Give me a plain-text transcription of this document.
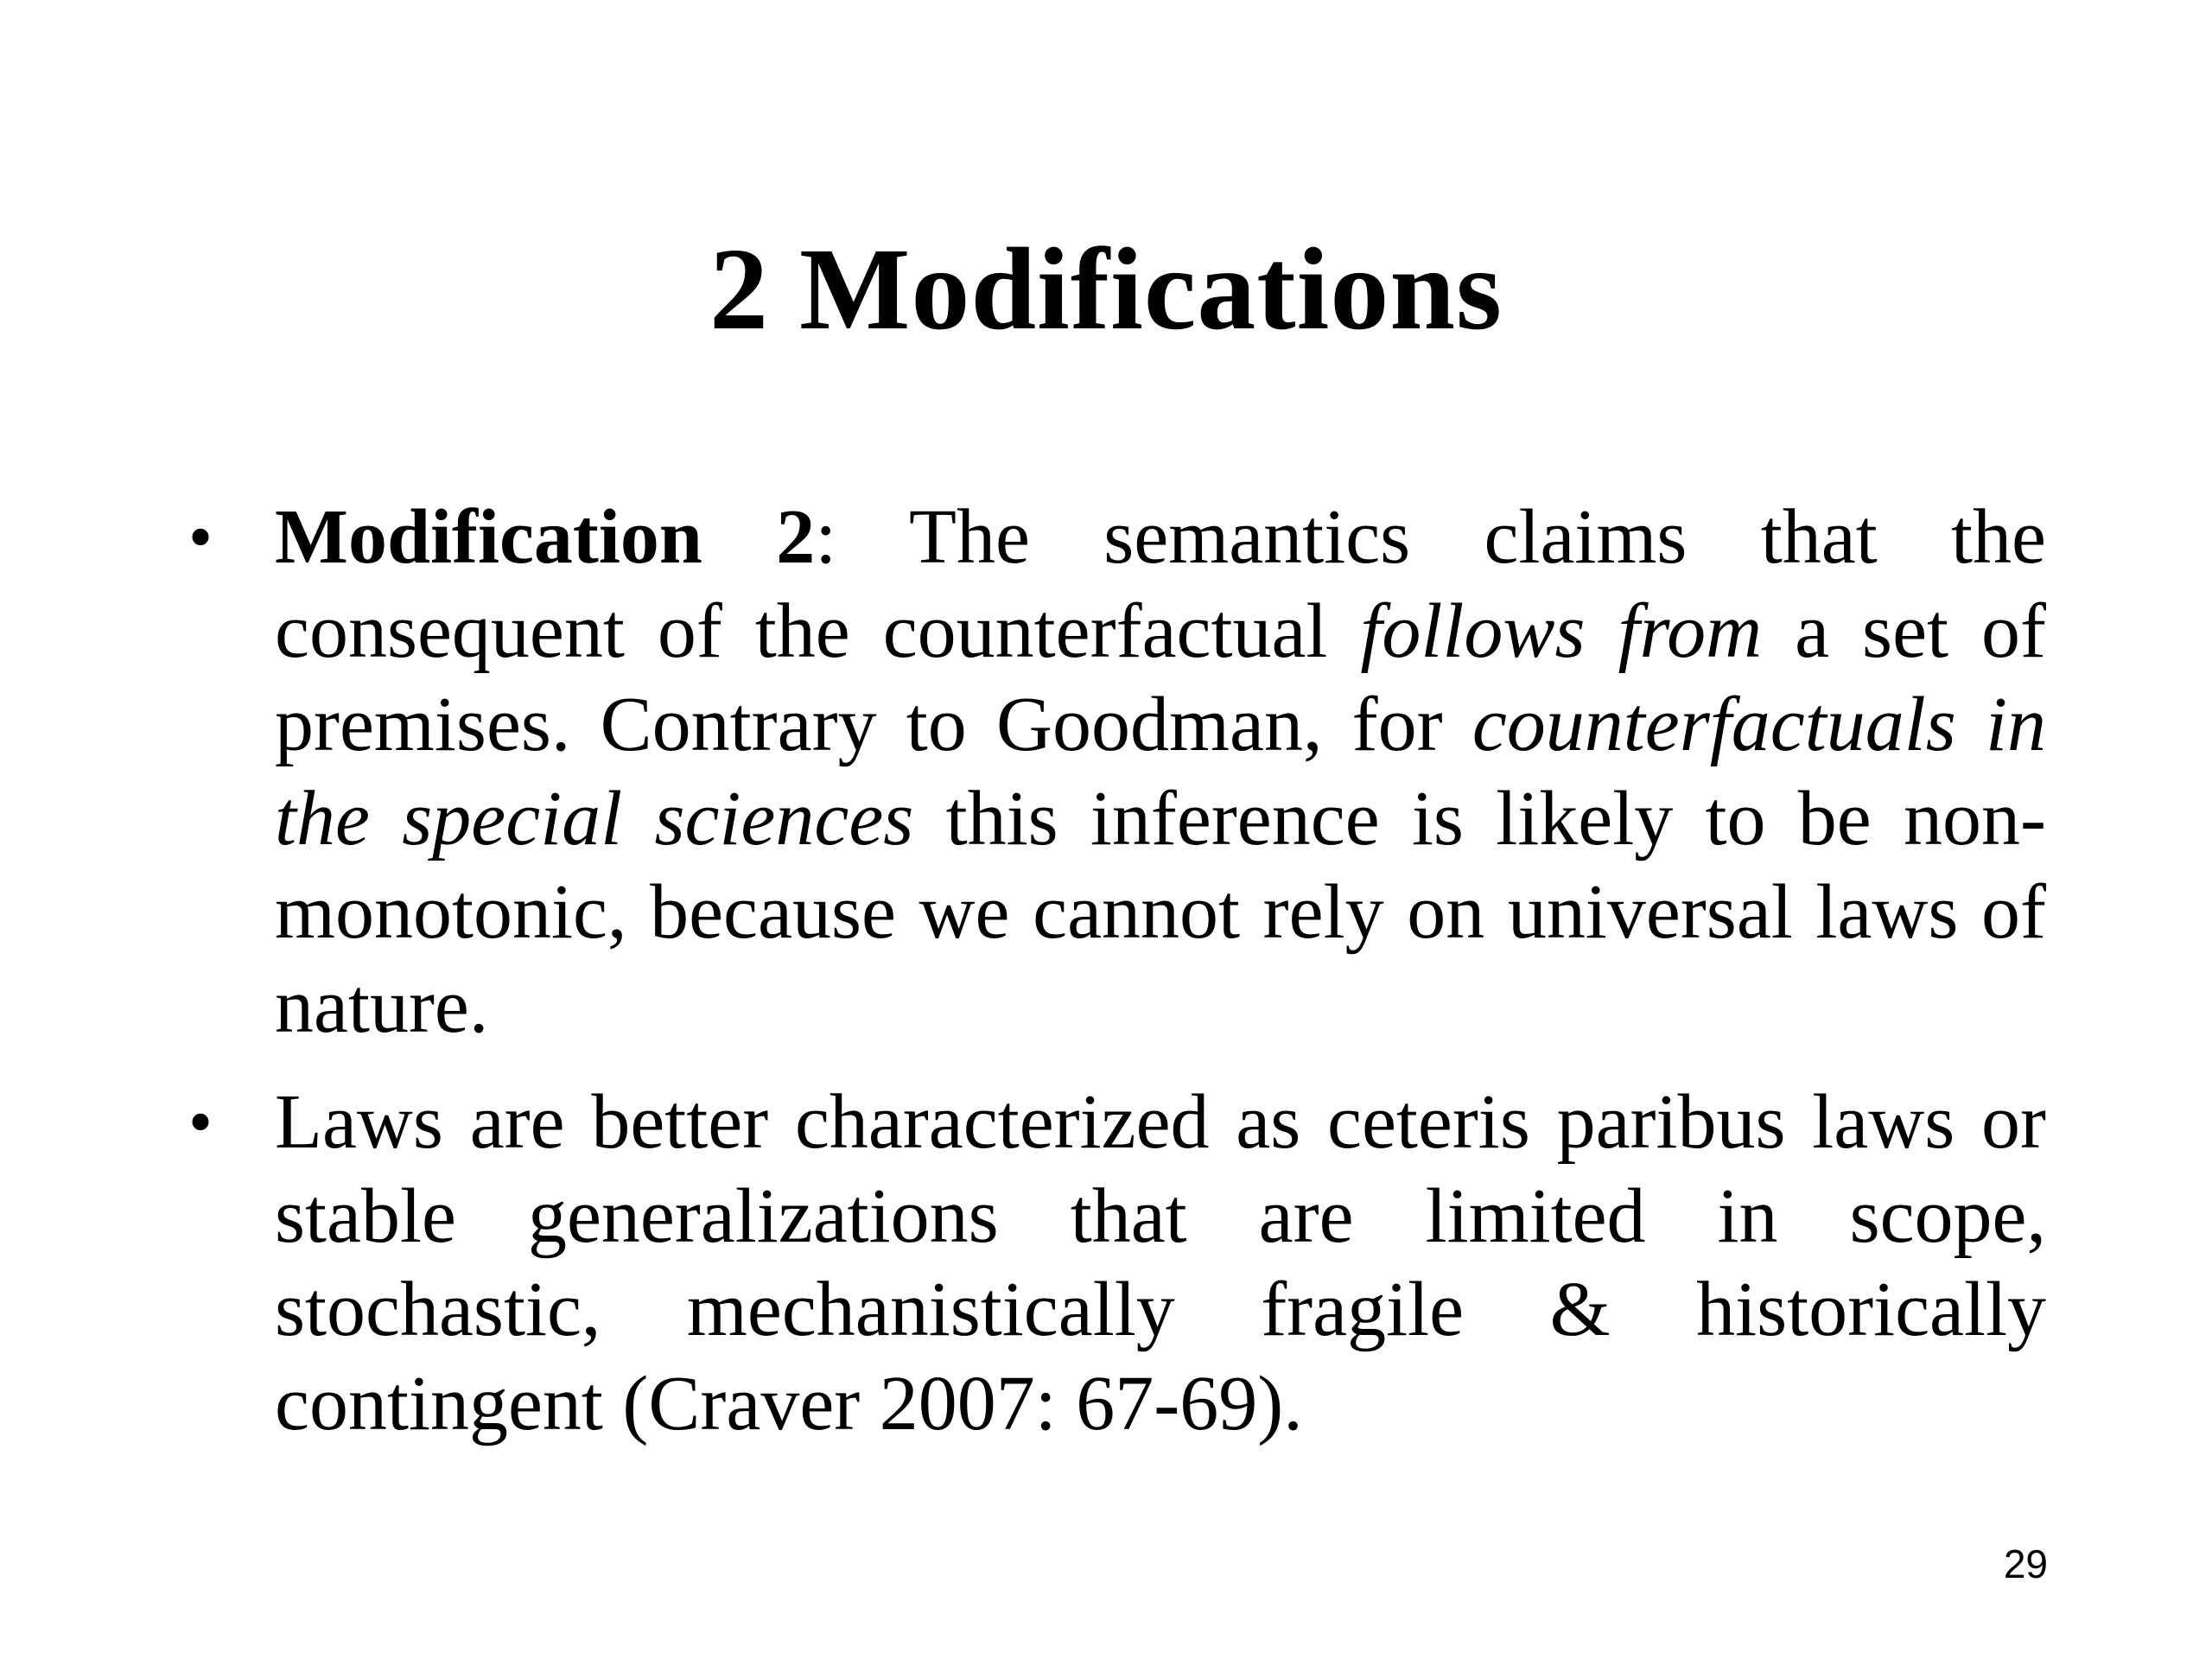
2 Modifications
• Modification 2: The semantics claims that the consequent of the counterfactual follows from a set of premises. Contrary to Goodman, for counterfactuals in the special sciences this inference is likely to be non-monotonic, because we cannot rely on universal laws of nature.
• Laws are better characterized as ceteris paribus laws or stable generalizations that are limited in scope, stochastic, mechanistically fragile & historically contingent (Craver 2007: 67-69).
29
